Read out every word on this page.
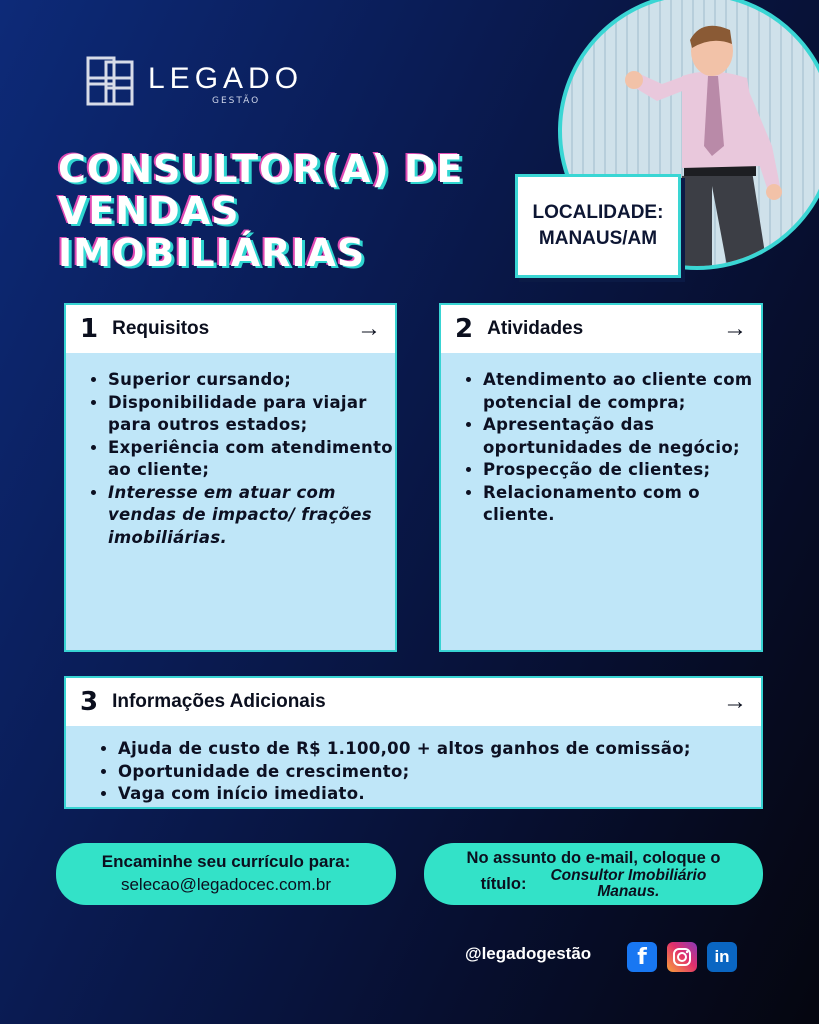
LEGADO
GESTÃO
CONSULTOR(A) DE
VENDAS
IMOBILIÁRIAS
LOCALIDADE:
MANAUS/AM
1 Requisitos	→
• Superior cursando;
• Disponibilidade para viajar para outros estados;
• Experiência com atendimento ao cliente;
• Interesse em atuar com vendas de impacto/ frações imobiliárias.
2 Atividades	→
• Atendimento ao cliente com potencial de compra;
• Apresentação das oportunidades de negócio;
• Prospecção de clientes;
• Relacionamento com o cliente.
3 Informações Adicionais	→
• Ajuda de custo de R$ 1.100,00 + altos ganhos de comissão;
• Oportunidade de crescimento;
• Vaga com início imediato.
Encaminhe seu currículo para:
selecao@legadocec.com.br
No assunto do e-mail, coloque o
título: Consultor Imobiliário
Manaus.
@legadogestão f	in
